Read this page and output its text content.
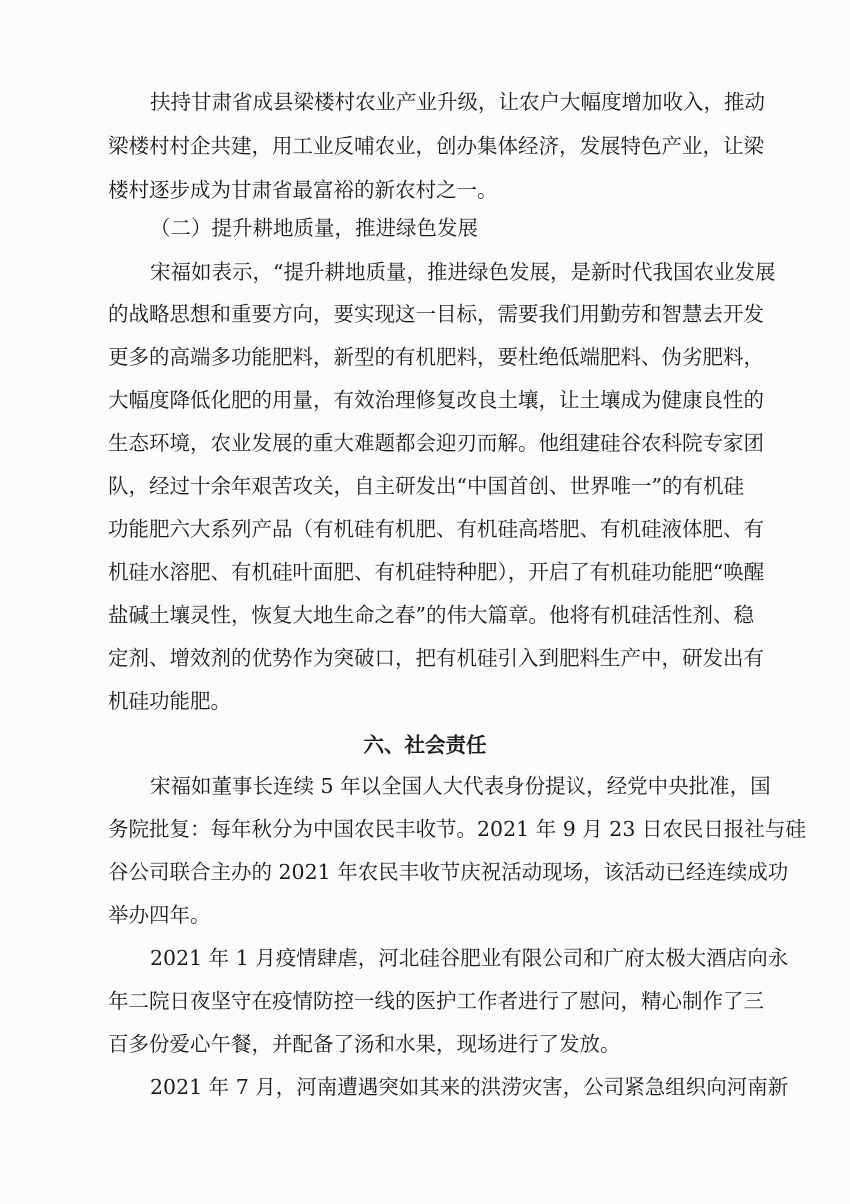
扶持甘肃省成县梁楼村农业产业升级，让农户大幅度增加收入，推动
梁楼村村企共建，用工业反哺农业，创办集体经济，发展特色产业，让梁
楼村逐步成为甘肃省最富裕的新农村之一。
（二）提升耕地质量，推进绿色发展
宋福如表示，“提升耕地质量，推进绿色发展，是新时代我国农业发展
的战略思想和重要方向，要实现这一目标，需要我们用勤劳和智慧去开发
更多的高端多功能肥料，新型的有机肥料，要杜绝低端肥料、伪劣肥料，
大幅度降低化肥的用量，有效治理修复改良土壤，让土壤成为健康良性的
生态环境，农业发展的重大难题都会迎刃而解。他组建硅谷农科院专家团
队，经过十余年艰苦攻关，自主研发出“中国首创、世界唯一”的有机硅
功能肥六大系列产品（有机硅有机肥、有机硅高塔肥、有机硅液体肥、有
机硅水溶肥、有机硅叶面肥、有机硅特种肥），开启了有机硅功能肥“唤醒
盐碱土壤灵性，恢复大地生命之春”的伟大篇章。他将有机硅活性剂、稳
定剂、增效剂的优势作为突破口，把有机硅引入到肥料生产中，研发出有
机硅功能肥。
六、社会责任
宋福如董事长连续 5 年以全国人大代表身份提议，经党中央批准，国
务院批复：每年秋分为中国农民丰收节。2021 年 9 月 23 日农民日报社与硅
谷公司联合主办的 2021 年农民丰收节庆祝活动现场，该活动已经连续成功
举办四年。
2021 年 1 月疫情肆虐，河北硅谷肥业有限公司和广府太极大酒店向永
年二院日夜坚守在疫情防控一线的医护工作者进行了慰问，精心制作了三
百多份爱心午餐，并配备了汤和水果，现场进行了发放。
2021 年 7 月，河南遭遇突如其来的洪涝灾害，公司紧急组织向河南新
